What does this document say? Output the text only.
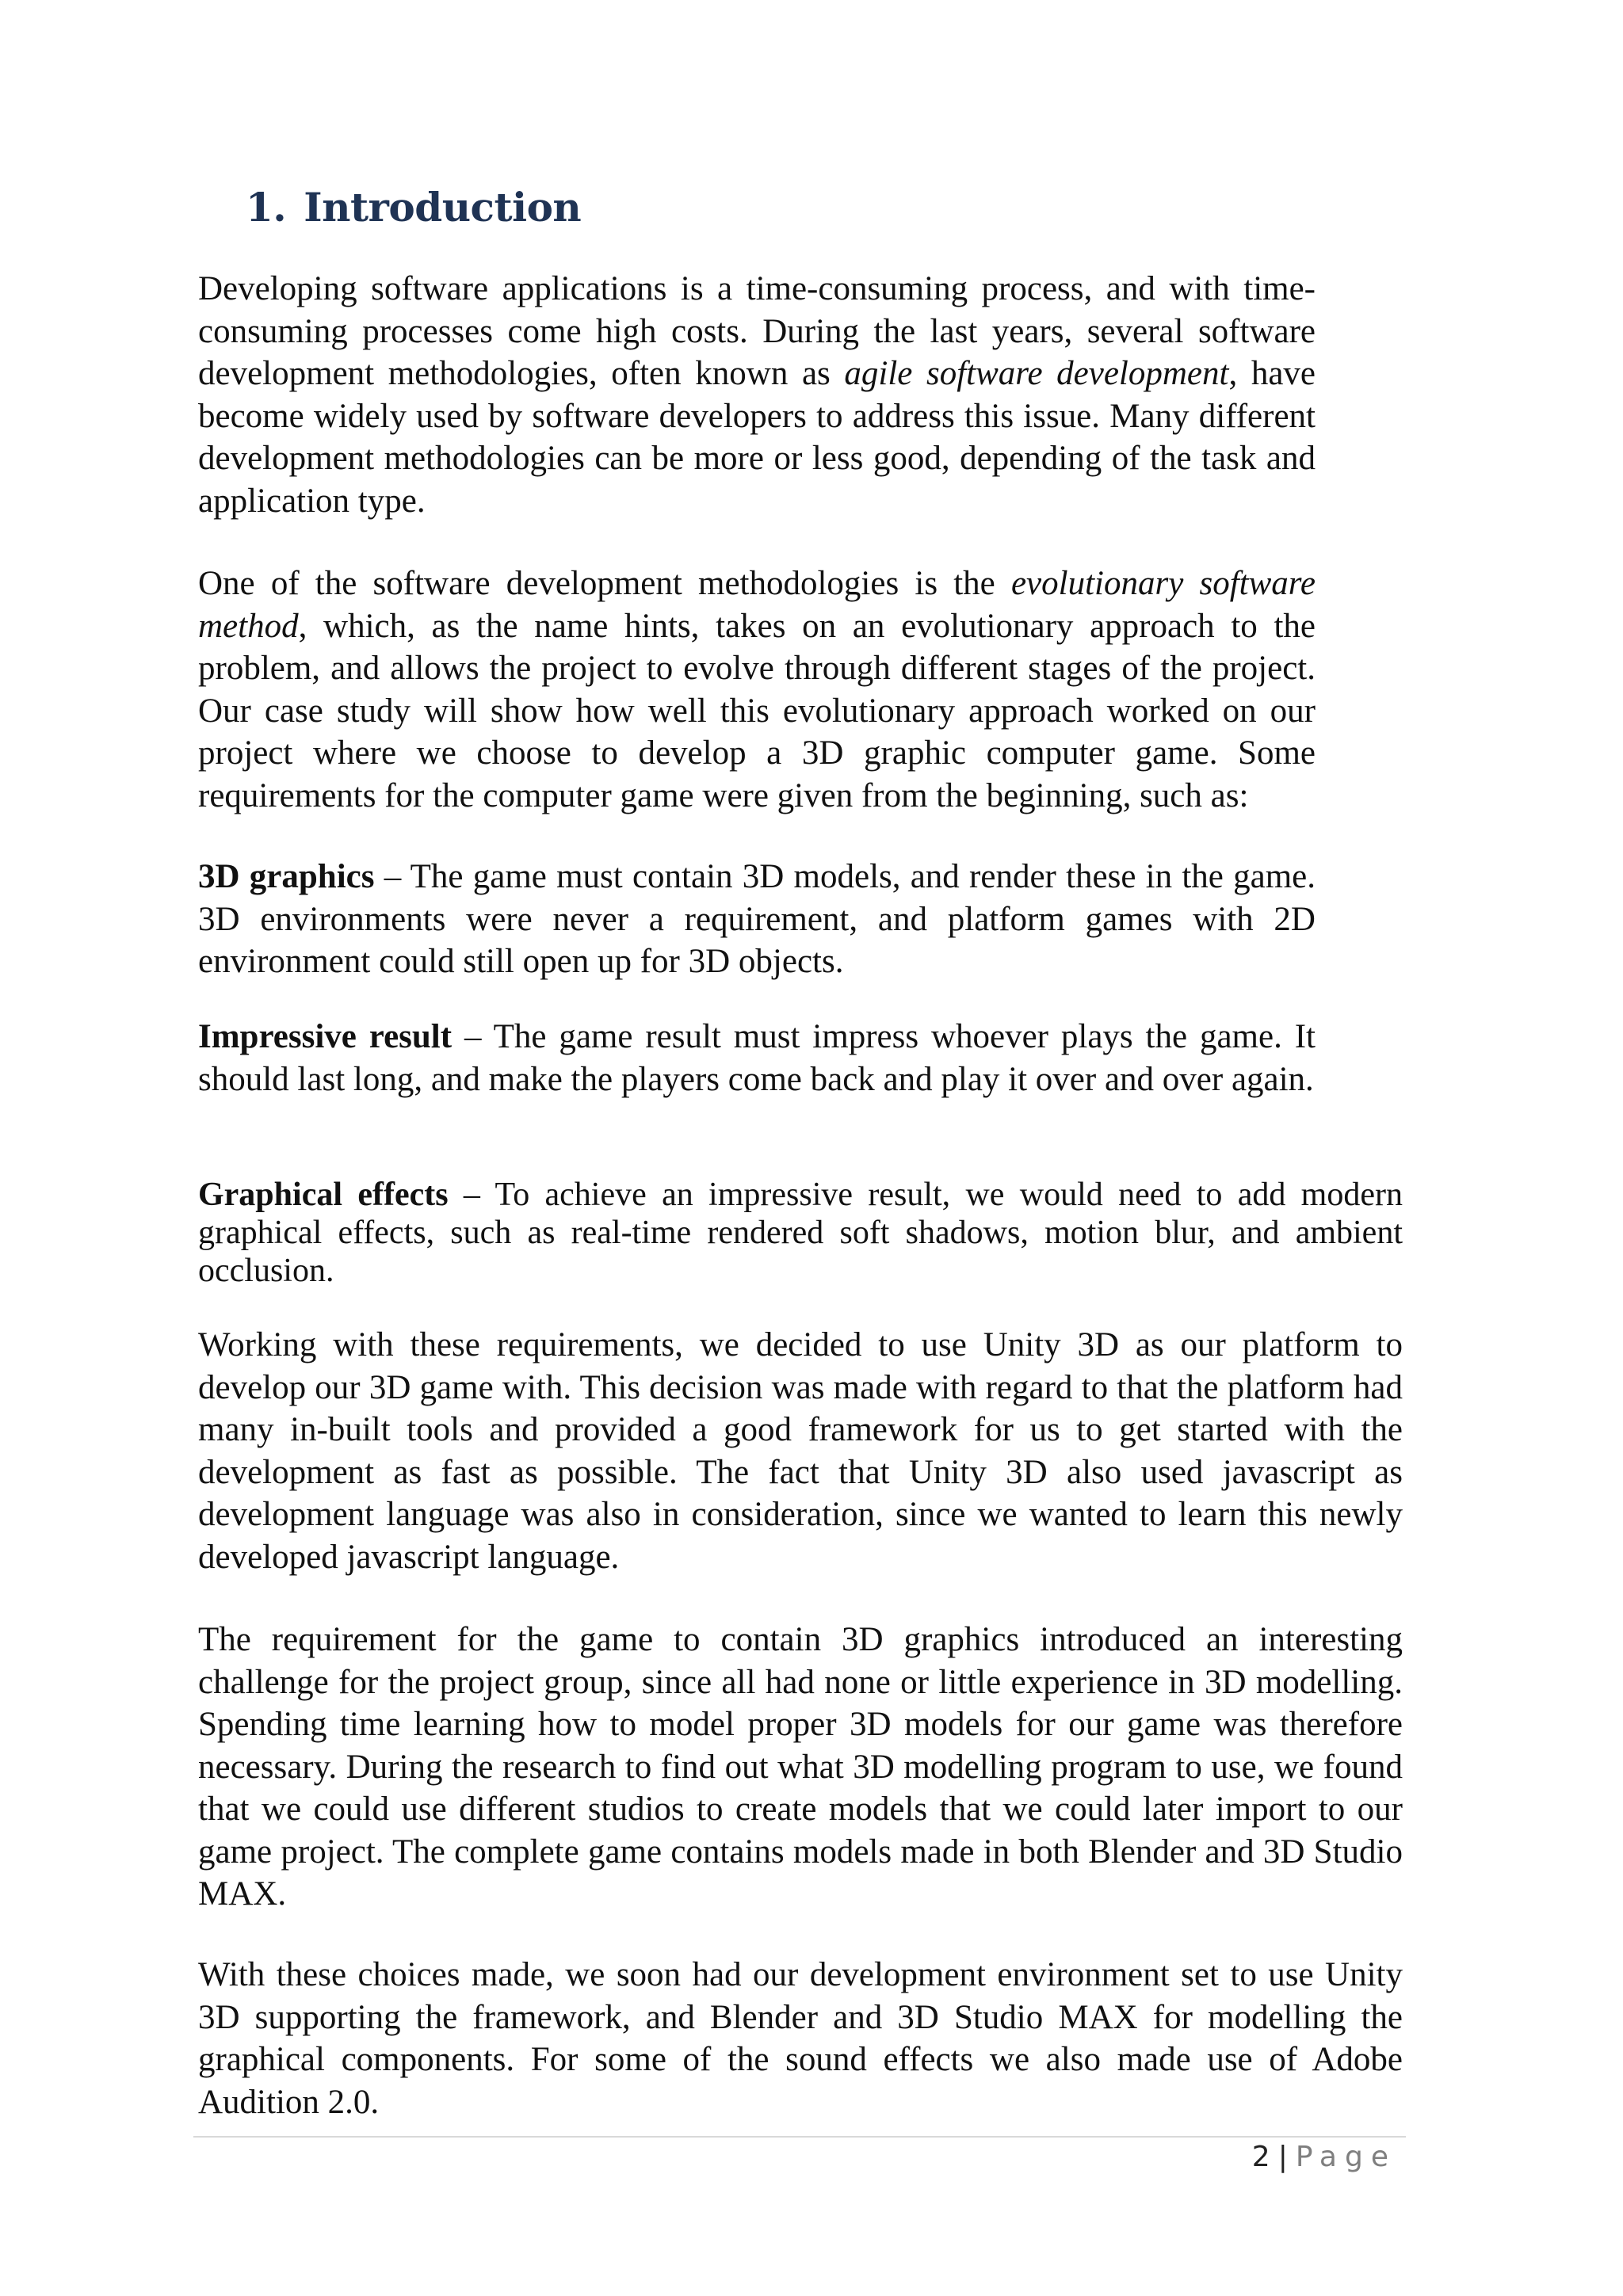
1. Introduction

Developing software applications is a time-consuming process, and with time-consuming processes come high costs. During the last years, several software development methodologies, often known as agile software development, have become widely used by software developers to address this issue. Many different development methodologies can be more or less good, depending of the task and application type.

One of the software development methodologies is the evolutionary software method, which, as the name hints, takes on an evolutionary approach to the problem, and allows the project to evolve through different stages of the project. Our case study will show how well this evolutionary approach worked on our project where we choose to develop a 3D graphic computer game. Some requirements for the computer game were given from the beginning, such as:

3D graphics – The game must contain 3D models, and render these in the game. 3D environments were never a requirement, and platform games with 2D environment could still open up for 3D objects.

Impressive result – The game result must impress whoever plays the game. It should last long, and make the players come back and play it over and over again.

Graphical effects – To achieve an impressive result, we would need to add modern graphical effects, such as real-time rendered soft shadows, motion blur, and ambient occlusion.

Working with these requirements, we decided to use Unity 3D as our platform to develop our 3D game with. This decision was made with regard to that the platform had many in-built tools and provided a good framework for us to get started with the development as fast as possible. The fact that Unity 3D also used javascript as development language was also in consideration, since we wanted to learn this newly developed javascript language.

The requirement for the game to contain 3D graphics introduced an interesting challenge for the project group, since all had none or little experience in 3D modelling. Spending time learning how to model proper 3D models for our game was therefore necessary. During the research to find out what 3D modelling program to use, we found that we could use different studios to create models that we could later import to our game project. The complete game contains models made in both Blender and 3D Studio MAX.

With these choices made, we soon had our development environment set to use Unity 3D supporting the framework, and Blender and 3D Studio MAX for modelling the graphical components. For some of the sound effects we also made use of Adobe Audition 2.0.

2 | Page
